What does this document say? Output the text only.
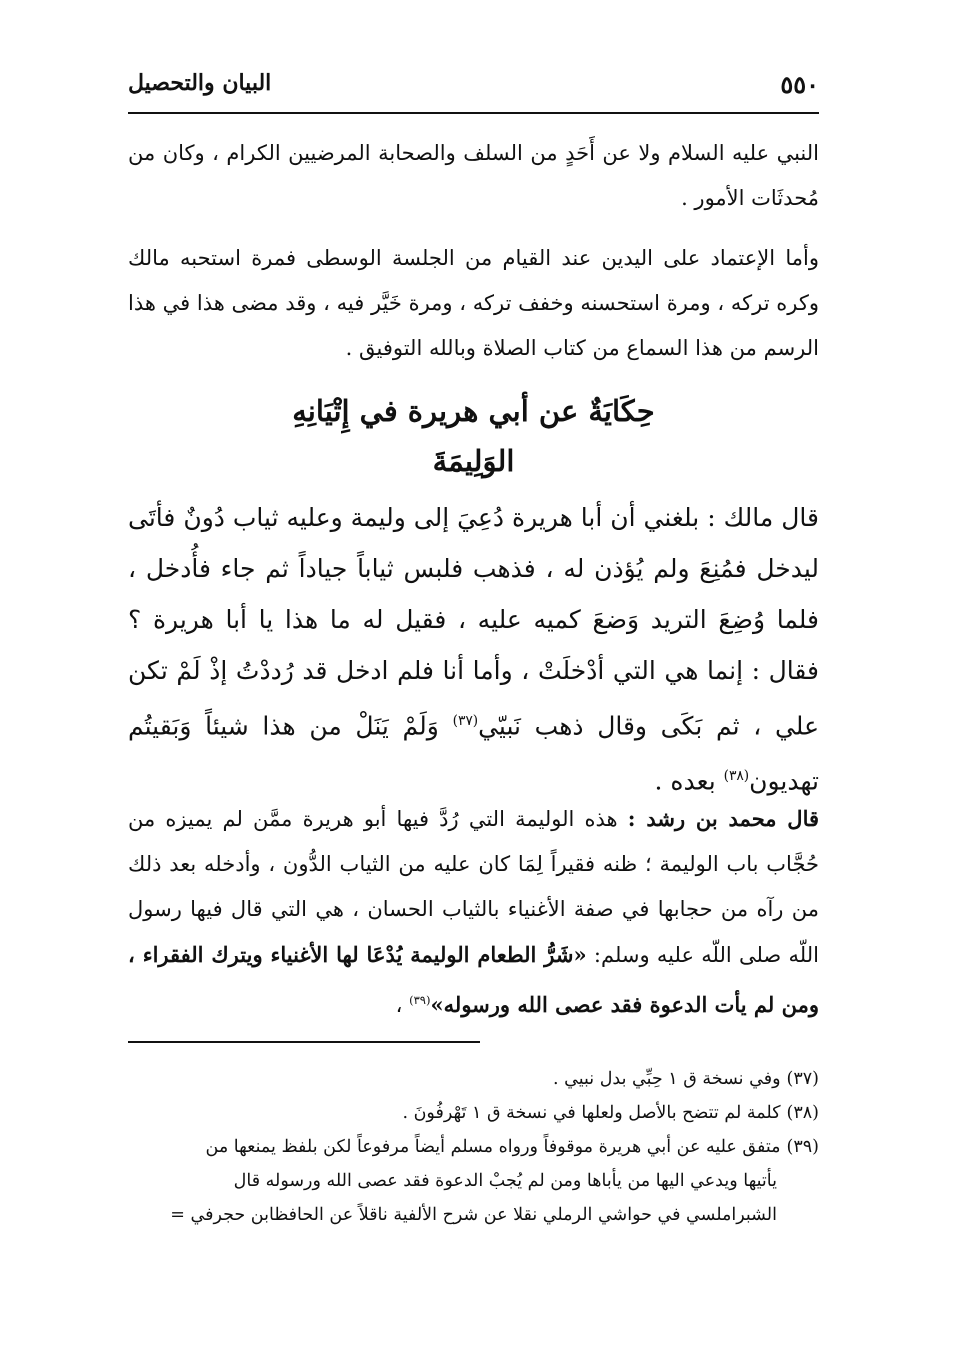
٥٥٠
البيان والتحصيل

النبي عليه السلام ولا عن أَحَدٍ من السلف والصحابة المرضيين الكرام ، وكان من مُحدثَات الأمور .

وأما الإعتماد على اليدين عند القيام من الجلسة الوسطى فمرة استحبه مالك وكره تركه ، ومرة استحسنه وخفف تركه ، ومرة خَيَّر فيه ، وقد مضى هذا في هذا الرسم من هذا السماع من كتاب الصلاة وبالله التوفيق .

حِكَايَةٌ عن أبي هريرة في إِتْيَانِهِ
الوَلِيمَةَ

قال مالك : بلغني أن أبا هريرة دُعِيَ إلى وليمة وعليه ثياب دُونٌ فأتَى ليدخل فمُنِعَ ولم يُؤذن له ، فذهب فلبس ثياباً جياداً ثم جاء فأُدخل ، فلما وُضِعَ التريد وَضعَ كميه عليه ، فقيل له ما هذا يا أبا هريرة ؟ فقال : إنما هي التي أدْخلَتْ ، وأما أنا فلم ادخل قد رُددْتُ إذْ لَمْ تكن علي ، ثم بَكَى وقال ذهب نَبيّي$^{(٣٧)}$ وَلَمْ يَنَلْ من هذا شيئاً وَبَقيتُم تهديون$^{(٣٨)}$ بعده .

قال محمد بن رشد : هذه الوليمة التي رُدَّ فيها أبو هريرة ممَّن لم يميزه من حُجَّاب باب الوليمة ؛ ظنه فقيراً لِمَا كان عليه من الثياب الدُّون ، وأدخله بعد ذلك من رآه من حجابها في صفة الأغنياء بالثياب الحسان ، هي التي قال فيها رسول اللّه صلى اللّه عليه وسلم: «شَرُّ الطعام الوليمة يُدْعَا لها الأغنياء ويترك الفقراء ، ومن لم يأت الدعوة فقد عصى الله ورسوله»$^{(٣٩)}$ ،

(٣٧)وفي نسخة ق ١ حِبِّي بدل نبيي .
(٣٨)كلمة لم تتضح بالأصل ولعلها في نسخة ق ١ تَهْرفُونَ .
(٣٩)متفق عليه عن أبي هريرة موقوفاً ورواه مسلم أيضاً مرفوعاً لكن بلفظ يمنعها من
يأتيها ويدعي اليها من يأباها ومن لم يُجبْ الدعوة فقد عصى الله ورسوله قال
الشبراملسي في حواشي الرملي نقلا عن شرح الألفية ناقلاً عن الحافظابن حجرفي =
